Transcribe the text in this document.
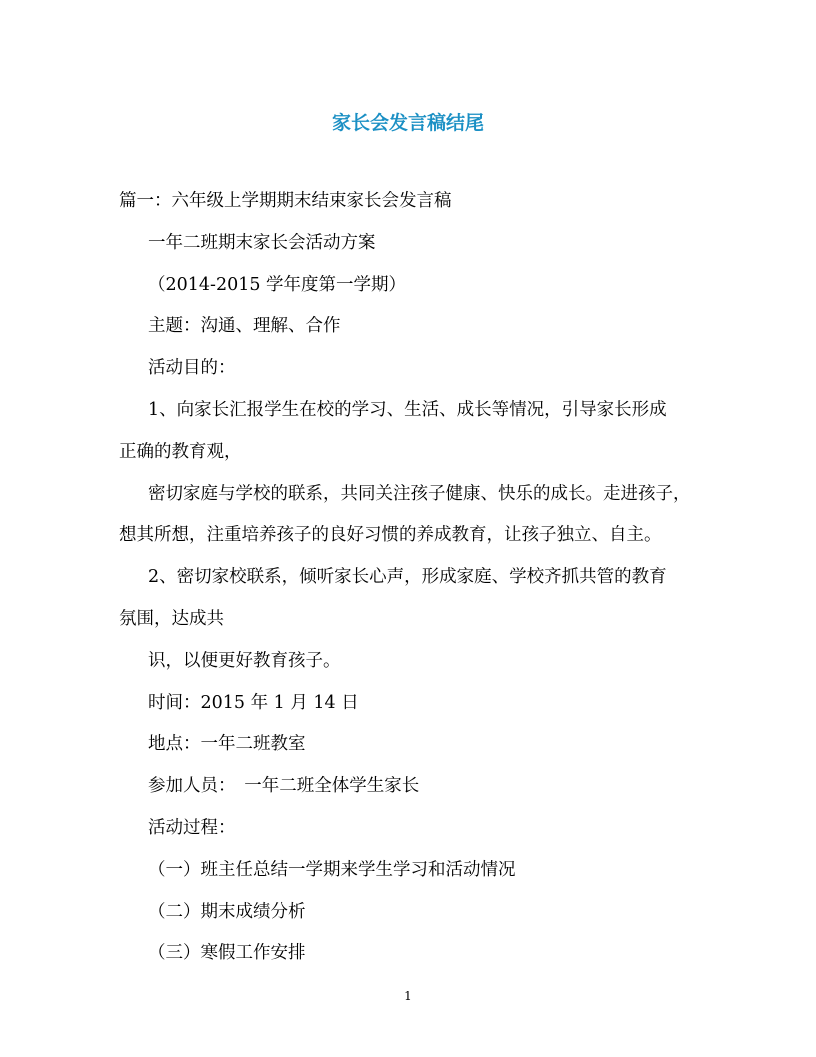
家长会发言稿结尾

篇一：六年级上学期期末结束家长会发言稿

一年二班期末家长会活动方案

（2014-2015 学年度第一学期）

主题：沟通、理解、合作

活动目的：

1、向家长汇报学生在校的学习、生活、成长等情况，引导家长形成

正确的教育观，

密切家庭与学校的联系，共同关注孩子健康、快乐的成长。走进孩子，

想其所想，注重培养孩子的良好习惯的养成教育，让孩子独立、自主。

2、密切家校联系，倾听家长心声，形成家庭、学校齐抓共管的教育

氛围，达成共

识，以便更好教育孩子。

时间：2015 年 1 月 14 日

地点：一年二班教室

参加人员：　一年二班全体学生家长

活动过程：

（一）班主任总结一学期来学生学习和活动情况

（二）期末成绩分析

（三）寒假工作安排

1
